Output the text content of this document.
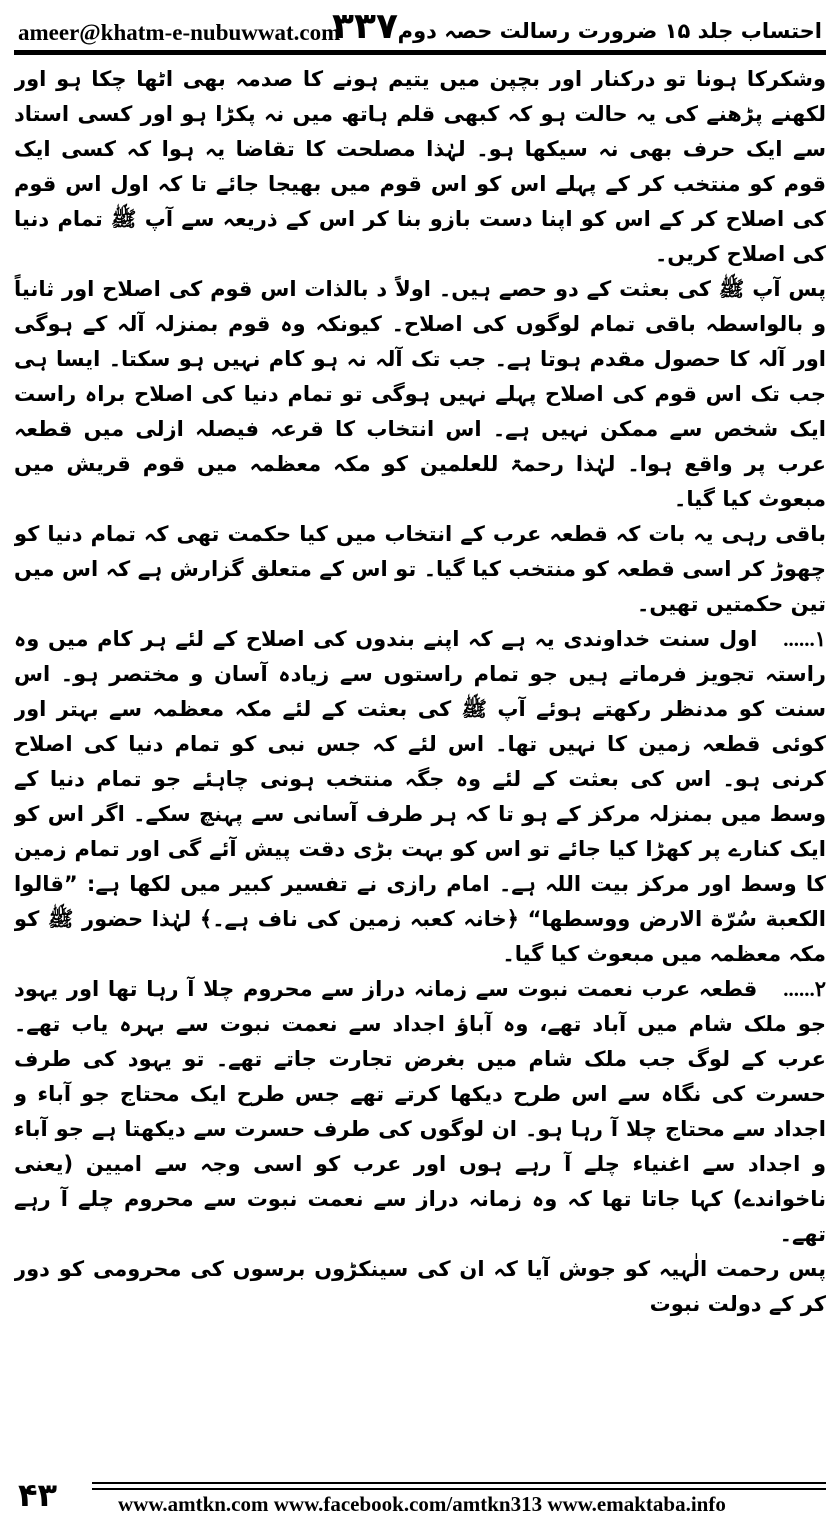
ameer@khatm-e-nubuwwat.com
۳۳۷ احتساب جلد ۱۵ ضرورت رسالت حصہ دوم

وشکرکا ہونا تو درکنار اور بچپن میں یتیم ہونے کا صدمہ بھی اٹھا چکا ہو اور لکھنے پڑھنے کی یہ حالت ہو کہ کبھی قلم ہاتھ میں نہ پکڑا ہو اور کسی استاد سے ایک حرف بھی نہ سیکھا ہو۔ لہٰذا مصلحت کا تقاضا یہ ہوا کہ کسی ایک قوم کو منتخب کر کے پہلے اس کو اس قوم میں بھیجا جائے تا کہ اول اس قوم کی اصلاح کر کے اس کو اپنا دست بازو بنا کر اس کے ذریعہ سے آپ ﷺ تمام دنیا کی اصلاح کریں۔

پس آپ ﷺ کی بعثت کے دو حصے ہیں۔ اولاً د بالذات اس قوم کی اصلاح اور ثانیاً و بالواسطہ باقی تمام لوگوں کی اصلاح۔ کیونکہ وہ قوم بمنزلہ آلہ کے ہوگی اور آلہ کا حصول مقدم ہوتا ہے۔ جب تک آلہ نہ ہو کام نہیں ہو سکتا۔ ایسا ہی جب تک اس قوم کی اصلاح پہلے نہیں ہوگی تو تمام دنیا کی اصلاح براہ راست ایک شخص سے ممکن نہیں ہے۔ اس انتخاب کا قرعہ فیصلہ ازلی میں قطعہ عرب پر واقع ہوا۔ لہٰذا رحمۃ للعلمین کو مکہ معظمہ میں قوم قریش میں مبعوث کیا گیا۔

باقی رہی یہ بات کہ قطعہ عرب کے انتخاب میں کیا حکمت تھی کہ تمام دنیا کو چھوڑ کر اسی قطعہ کو منتخب کیا گیا۔ تو اس کے متعلق گزارش ہے کہ اس میں تین حکمتیں تھیں۔

۱...... اول سنت خداوندی یہ ہے کہ اپنے بندوں کی اصلاح کے لئے ہر کام میں وہ راستہ تجویز فرماتے ہیں جو تمام راستوں سے زیادہ آسان و مختصر ہو۔ اس سنت کو مدنظر رکھتے ہوئے آپ ﷺ کی بعثت کے لئے مکہ معظمہ سے بہتر اور کوئی قطعہ زمین کا نہیں تھا۔ اس لئے کہ جس نبی کو تمام دنیا کی اصلاح کرنی ہو۔ اس کی بعثت کے لئے وہ جگہ منتخب ہونی چاہئے جو تمام دنیا کے وسط میں بمنزلہ مرکز کے ہو تا کہ ہر طرف آسانی سے پہنچ سکے۔ اگر اس کو ایک کنارے پر کھڑا کیا جائے تو اس کو بہت بڑی دقت پیش آئے گی اور تمام زمین کا وسط اور مرکز بیت اللہ ہے۔ امام رازی نے تفسیر کبیر میں لکھا ہے: ”قالوا الکعبة سُرّة الارض ووسطها“ ﴿خانہ کعبہ زمین کی ناف ہے۔﴾ لہٰذا حضور ﷺ کو مکہ معظمہ میں مبعوث کیا گیا۔

۲...... قطعہ عرب نعمت نبوت سے زمانہ دراز سے محروم چلا آ رہا تھا اور یہود جو ملک شام میں آباد تھے، وہ آباؤ اجداد سے نعمت نبوت سے بہرہ یاب تھے۔ عرب کے لوگ جب ملک شام میں بغرض تجارت جاتے تھے۔ تو یہود کی طرف حسرت کی نگاہ سے اس طرح دیکھا کرتے تھے جس طرح ایک محتاج جو آباء و اجداد سے محتاج چلا آ رہا ہو۔ ان لوگوں کی طرف حسرت سے دیکھتا ہے جو آباء و اجداد سے اغنیاء چلے آ رہے ہوں اور عرب کو اسی وجہ سے امیین (یعنی ناخواندے) کہا جاتا تھا کہ وہ زمانہ دراز سے نعمت نبوت سے محروم چلے آ رہے تھے۔

پس رحمت الٰہیہ کو جوش آیا کہ ان کی سینکڑوں برسوں کی محرومی کو دور کر کے دولت نبوت

۴۳	www.amtkn.com www.facebook.com/amtkn313 www.emaktaba.info
